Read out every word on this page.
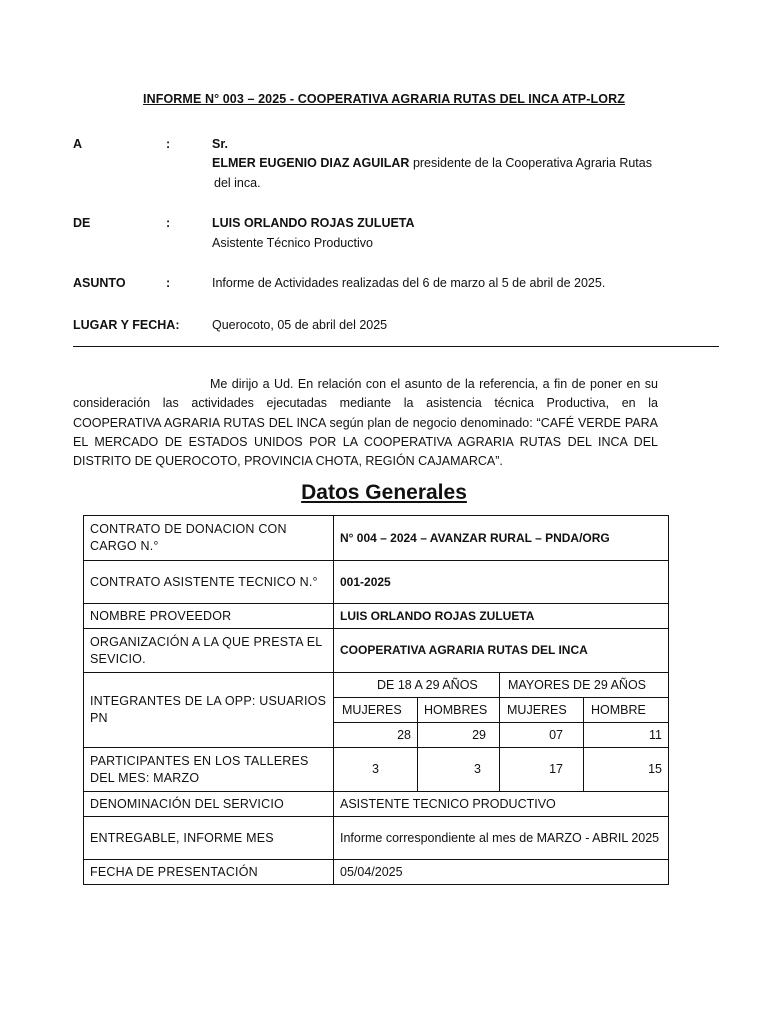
INFORME N° 003 – 2025 - COOPERATIVA AGRARIA RUTAS DEL INCA ATP-LORZ
A	:	Sr.
ELMER EUGENIO DIAZ AGUILAR presidente de la Cooperativa Agraria Rutas
del inca.
DE	:	LUIS ORLANDO ROJAS ZULUETA
Asistente Técnico Productivo
ASUNTO	:	Informe de Actividades realizadas del 6 de marzo al 5 de abril de 2025.
LUGAR Y FECHA:	Querocoto, 05 de abril del 2025
Me dirijo a Ud. En relación con el asunto de la referencia, a fin de poner en su consideración las actividades ejecutadas mediante la asistencia técnica Productiva, en la COOPERATIVA AGRARIA RUTAS DEL INCA según plan de negocio denominado: “CAFÉ VERDE PARA EL MERCADO DE ESTADOS UNIDOS POR LA COOPERATIVA AGRARIA RUTAS DEL INCA DEL DISTRITO DE QUEROCOTO, PROVINCIA CHOTA, REGIÓN CAJAMARCA”.
Datos Generales
CONTRATO DE DONACION CON CARGO N.°	N° 004 – 2024 – AVANZAR RURAL – PNDA/ORG			
CONTRATO ASISTENTE TECNICO N.°	001-2025			
NOMBRE PROVEEDOR	LUIS ORLANDO ROJAS ZULUETA			
ORGANIZACIÓN A LA QUE PRESTA EL SEVICIO.	COOPERATIVA AGRARIA RUTAS DEL INCA			
INTEGRANTES DE LA OPP: USUARIOS PN	DE 18 A 29 AÑOS		MAYORES DE 29 AÑOS	
	MUJERES	HOMBRES	MUJERES	HOMBRE
	28	29	07	11
PARTICIPANTES EN LOS TALLERES DEL MES: MARZO	3	3	17	15
DENOMINACIÓN DEL SERVICIO	ASISTENTE TECNICO PRODUCTIVO			
ENTREGABLE, INFORME MES	Informe correspondiente al mes de MARZO - ABRIL 2025			
FECHA DE PRESENTACIÓN	05/04/2025			
